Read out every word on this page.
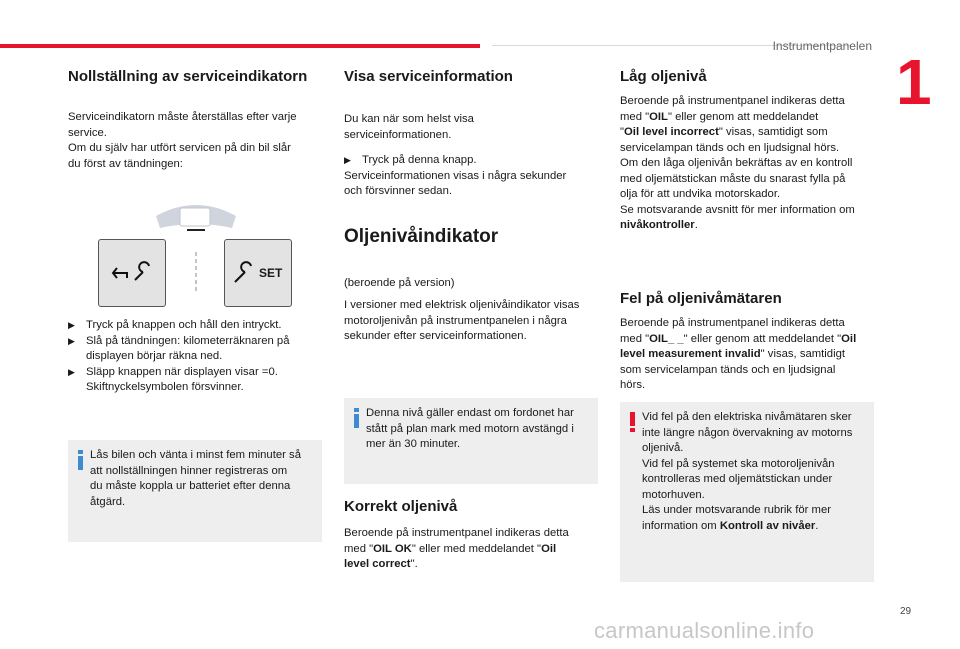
Instrumentpanelen 1
Nollställning av serviceindikatorn

Serviceindikatorn måste återställas efter varje

service.

Om du själv har utfört servicen på din bil slår

du först av tändningen:

SET
▶ Tryck på knappen och håll den intryckt.
▶ Slå på tändningen: kilometerräknaren på
displayen börjar räkna ned.
▶ Släpp knappen när displayen visar =0.
Skiftnyckelsymbolen försvinner.
Lås bilen och vänta i minst fem minuter så
att nollställningen hinner registreras om
du måste koppla ur batteriet efter denna
åtgärd.
Visa serviceinformation

Du kan när som helst visa

serviceinformationen.

▶ Tryck på denna knapp.

Serviceinformationen visas i några sekunder

och försvinner sedan.

Oljenivåindikator

(beroende på version)

I versioner med elektrisk oljenivåindikator visas

motoroljenivån på instrumentpanelen i några

sekunder efter serviceinformationen.

Denna nivå gäller endast om fordonet har
stått på plan mark med motorn avstängd i
mer än 30 minuter.
Korrekt oljenivå

Beroende på instrumentpanel indikeras detta

med "OIL OK" eller med meddelandet "Oil

level correct".

Låg oljenivå

Beroende på instrumentpanel indikeras detta

med "OIL" eller genom att meddelandet

"Oil level incorrect" visas, samtidigt som

servicelampan tänds och en ljudsignal hörs.

Om den låga oljenivån bekräftas av en kontroll

med oljemätstickan måste du snarast fylla på

olja för att undvika motorskador.

Se motsvarande avsnitt för mer information om

nivåkontroller.

Fel på oljenivåmätaren

Beroende på instrumentpanel indikeras detta

med "OIL_ _" eller genom att meddelandet "Oil

level measurement invalid" visas, samtidigt

som servicelampan tänds och en ljudsignal

hörs.

Vid fel på den elektriska nivåmätaren sker
inte längre någon övervakning av motorns
oljenivå.
Vid fel på systemet ska motoroljenivån
kontrolleras med oljemätstickan under
motorhuven.
Läs under motsvarande rubrik för mer
information om Kontroll av nivåer.
29
carmanualsonline.info
